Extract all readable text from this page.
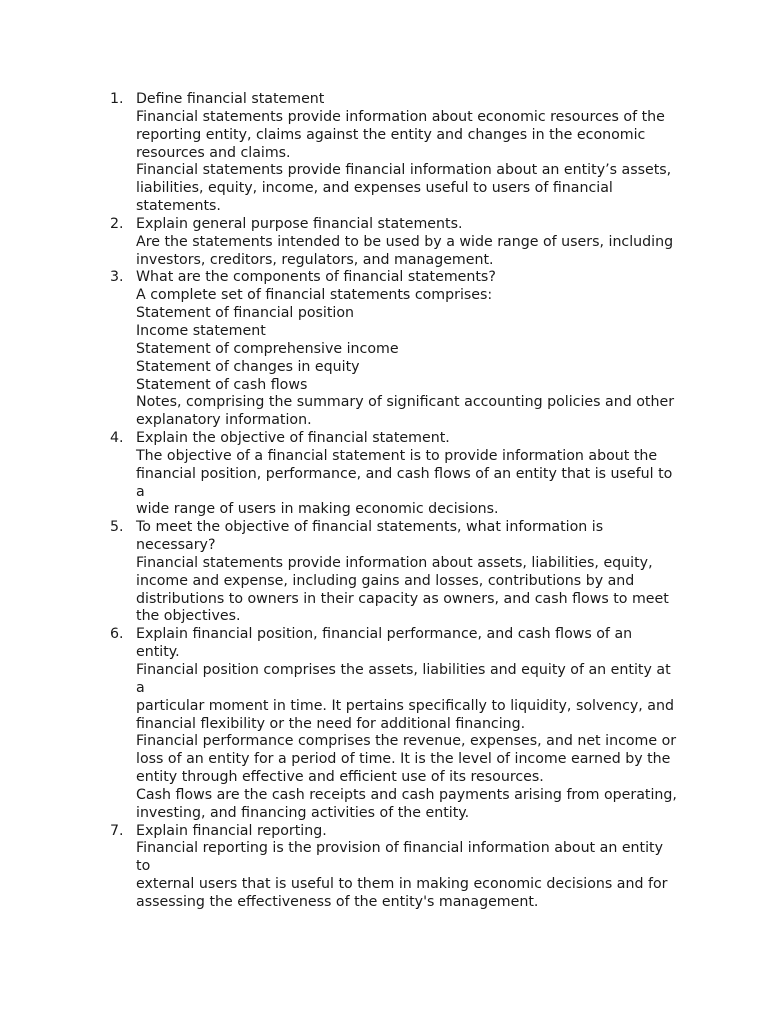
1. Define financial statement
Financial statements provide information about economic resources of the
reporting entity, claims against the entity and changes in the economic
resources and claims.
Financial statements provide financial information about an entity’s assets,
liabilities, equity, income, and expenses useful to users of financial
statements.
2. Explain general purpose financial statements.
Are the statements intended to be used by a wide range of users, including
investors, creditors, regulators, and management.
3. What are the components of financial statements?
A complete set of financial statements comprises:
Statement of financial position
Income statement
Statement of comprehensive income
Statement of changes in equity
Statement of cash flows
Notes, comprising the summary of significant accounting policies and other
explanatory information.
4. Explain the objective of financial statement.
The objective of a financial statement is to provide information about the
financial position, performance, and cash flows of an entity that is useful to a
wide range of users in making economic decisions.
5. To meet the objective of financial statements, what information is necessary?
Financial statements provide information about assets, liabilities, equity,
income and expense, including gains and losses, contributions by and
distributions to owners in their capacity as owners, and cash flows to meet
the objectives.
6. Explain financial position, financial performance, and cash flows of an entity.
Financial position comprises the assets, liabilities and equity of an entity at a
particular moment in time. It pertains specifically to liquidity, solvency, and
financial flexibility or the need for additional financing.
Financial performance comprises the revenue, expenses, and net income or
loss of an entity for a period of time. It is the level of income earned by the
entity through effective and efficient use of its resources.
Cash flows are the cash receipts and cash payments arising from operating,
investing, and financing activities of the entity.
7. Explain financial reporting.
Financial reporting is the provision of financial information about an entity to
external users that is useful to them in making economic decisions and for
assessing the effectiveness of the entity's management.
